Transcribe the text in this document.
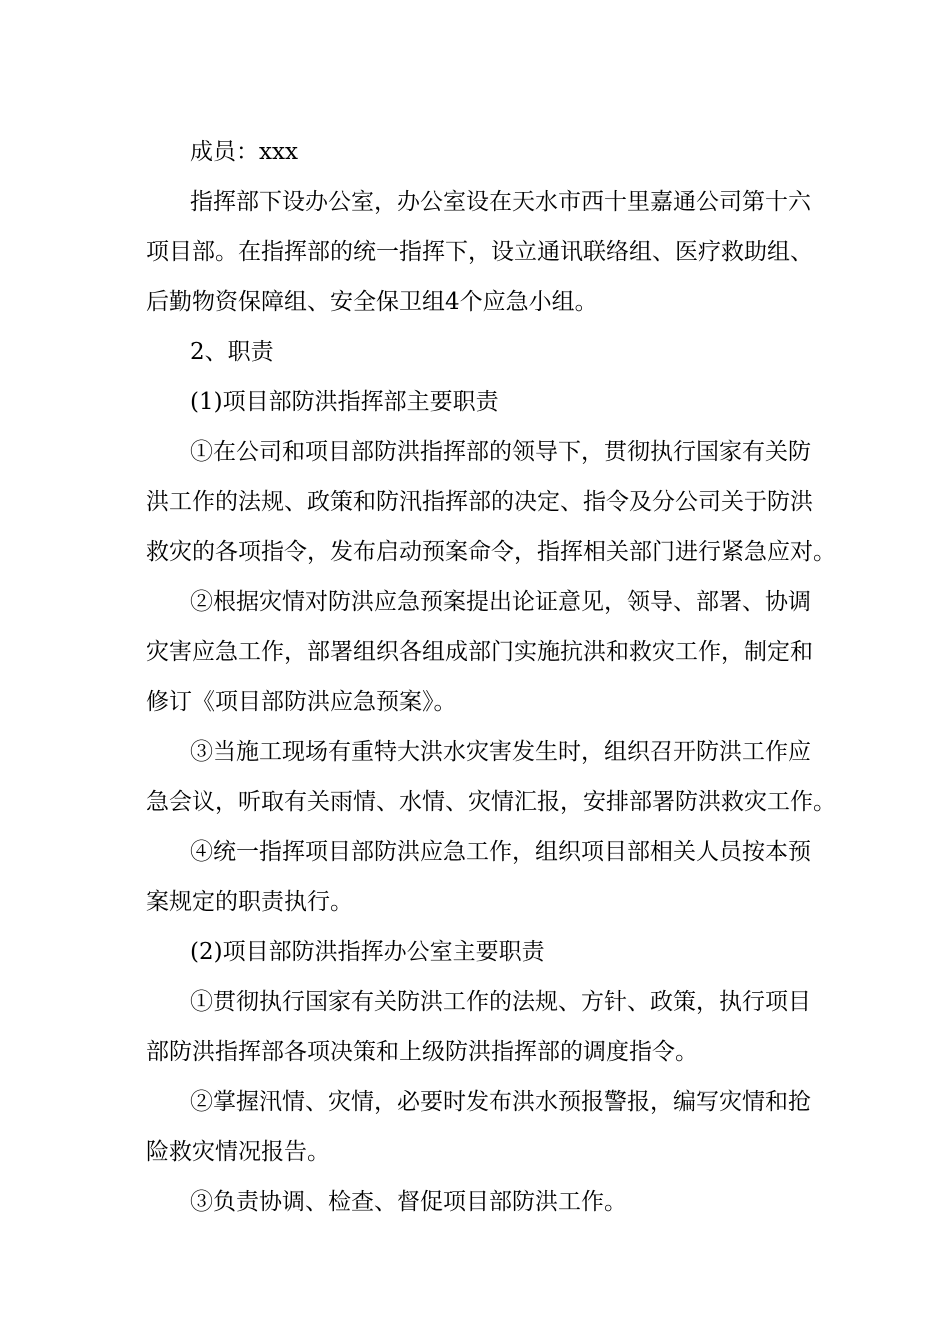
成员：xxx
指挥部下设办公室，办公室设在天水市西十里嘉通公司第十六
项目部。在指挥部的统一指挥下，设立通讯联络组、医疗救助组、
后勤物资保障组、安全保卫组4个应急小组。
2、职责
(1)项目部防洪指挥部主要职责
①在公司和项目部防洪指挥部的领导下，贯彻执行国家有关防
洪工作的法规、政策和防汛指挥部的决定、指令及分公司关于防洪
救灾的各项指令，发布启动预案命令，指挥相关部门进行紧急应对。
②根据灾情对防洪应急预案提出论证意见，领导、部署、协调
灾害应急工作，部署组织各组成部门实施抗洪和救灾工作，制定和
修订《项目部防洪应急预案》。
③当施工现场有重特大洪水灾害发生时，组织召开防洪工作应
急会议，听取有关雨情、水情、灾情汇报，安排部署防洪救灾工作。
④统一指挥项目部防洪应急工作，组织项目部相关人员按本预
案规定的职责执行。
(2)项目部防洪指挥办公室主要职责
①贯彻执行国家有关防洪工作的法规、方针、政策，执行项目
部防洪指挥部各项决策和上级防洪指挥部的调度指令。
②掌握汛情、灾情，必要时发布洪水预报警报，编写灾情和抢
险救灾情况报告。
③负责协调、检查、督促项目部防洪工作。
